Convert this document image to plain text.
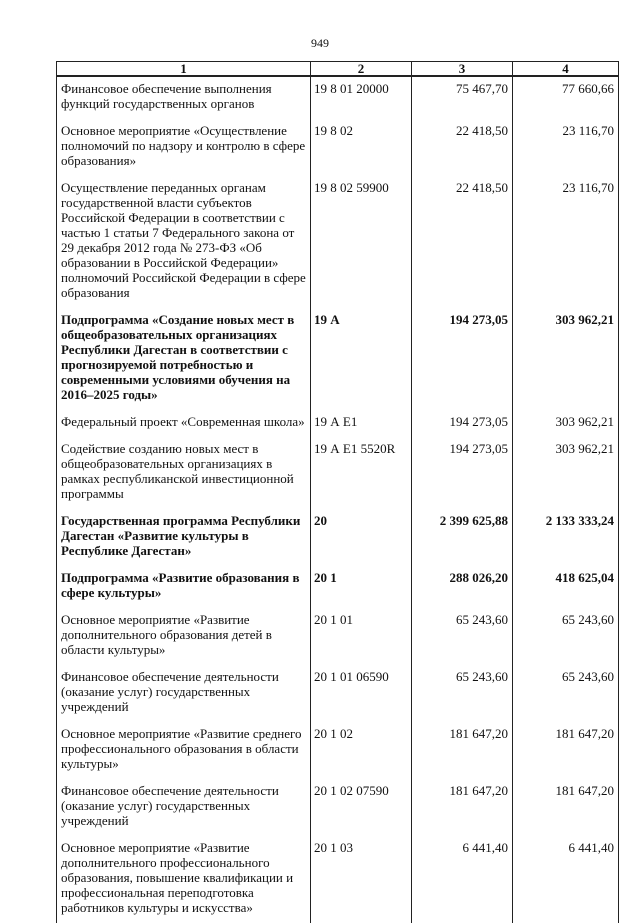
949
1	2	3	4
Финансовое обеспечение выполнения функций государственных органов	19 8 01 20000	75 467,70	77 660,66
Основное мероприятие «Осуществление полномочий по надзору и контролю в сфере образования»	19 8 02	22 418,50	23 116,70
Осуществление переданных органам государственной власти субъектов Российской Федерации в соответствии с частью 1 статьи 7 Федерального закона от 29 декабря 2012 года № 273-ФЗ «Об образовании в Российской Федерации» полномочий Российской Федерации в сфере образования	19 8 02 59900	22 418,50	23 116,70
Подпрограмма «Создание новых мест в общеобразовательных организациях Республики Дагестан в соответствии с прогнозируемой потребностью и современными условиями обучения на 2016–2025 годы»	19 А	194 273,05	303 962,21
Федеральный проект «Современная школа»	19 А Е1	194 273,05	303 962,21
Содействие созданию новых мест в общеобразовательных организациях в рамках республиканской инвестиционной программы	19 А Е1 5520R	194 273,05	303 962,21
Государственная программа Республики Дагестан «Развитие культуры в Республике Дагестан»	20	2 399 625,88	2 133 333,24
Подпрограмма «Развитие образования в сфере культуры»	20 1	288 026,20	418 625,04
Основное мероприятие «Развитие дополнительного образования детей в области культуры»	20 1 01	65 243,60	65 243,60
Финансовое обеспечение деятельности (оказание услуг) государственных учреждений	20 1 01 06590	65 243,60	65 243,60
Основное мероприятие «Развитие среднего профессионального образования в области культуры»	20 1 02	181 647,20	181 647,20
Финансовое обеспечение деятельности (оказание услуг) государственных учреждений	20 1 02 07590	181 647,20	181 647,20
Основное мероприятие «Развитие дополнительного профессионального образования, повышение квалификации и профессиональная переподготовка работников культуры и искусства»	20 1 03	6 441,40	6 441,40
